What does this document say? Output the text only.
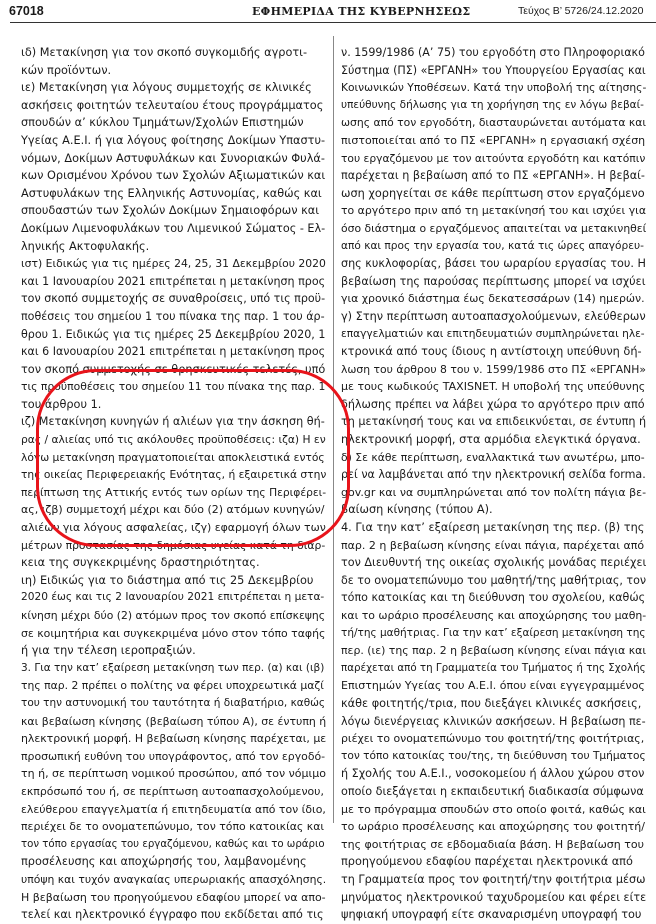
67018	ΕΦΗΜΕΡΙΔΑ ΤΗΣ ΚΥΒΕΡΝΗΣΕΩΣ	Τεύχος B’ 5726/24.12.2020
ιδ) Μετακίνηση για τον σκοπό συγκομιδής αγροτι-
κών προϊόντων.
ιε) Μετακίνηση για λόγους συμμετοχής σε κλινικές
ασκήσεις φοιτητών τελευταίου έτους προγράμματος
σπουδών α’ κύκλου Τμημάτων/Σχολών Επιστημών
Υγείας Α.Ε.Ι. ή για λόγους φοίτησης Δοκίμων Υπαστυ-
νόμων, Δοκίμων Αστυφυλάκων και Συνοριακών Φυλά-
κων Ορισμένου Χρόνου των Σχολών Αξιωματικών και
Αστυφυλάκων της Ελληνικής Αστυνομίας, καθώς και
σπουδαστών των Σχολών Δοκίμων Σημαιοφόρων και
Δοκίμων Λιμενοφυλάκων του Λιμενικού Σώματος - Ελ-
ληνικής Ακτοφυλακής.
ιστ) Ειδικώς για τις ημέρες 24, 25, 31 Δεκεμβρίου 2020
και 1 Ιανουαρίου 2021 επιτρέπεται η μετακίνηση προς
τον σκοπό συμμετοχής σε συναθροίσεις, υπό τις προϋ-
ποθέσεις του σημείου 1 του πίνακα της παρ. 1 του άρ-
θρου 1. Ειδικώς για τις ημέρες 25 Δεκεμβρίου 2020, 1
και 6 Ιανουαρίου 2021 επιτρέπεται η μετακίνηση προς
τον σκοπό συμμετοχής σε θρησκευτικές τελετές, υπό
τις προϋποθέσεις του σημείου 11 του πίνακα της παρ. 1
του άρθρου 1.
ιζ) Μετακίνηση κυνηγών ή αλιέων για την άσκηση θή-
ρας / αλιείας υπό τις ακόλουθες προϋποθέσεις: ιζα) Η εν
λόγω μετακίνηση πραγματοποιείται αποκλειστικά εντός
της οικείας Περιφερειακής Ενότητας, ή εξαιρετικά στην
περίπτωση της Αττικής εντός των ορίων της Περιφέρει-
ας, ιζβ) συμμετοχή μέχρι και δύο (2) ατόμων κυνηγών/
αλιέων για λόγους ασφαλείας, ιζγ) εφαρμογή όλων των
μέτρων προστασίας της δημόσιας υγείας κατά τη διάρ-
κεια της συγκεκριμένης δραστηριότητας.
ιη) Ειδικώς για το διάστημα από τις 25 Δεκεμβρίου
2020 έως και τις 2 Ιανουαρίου 2021 επιτρέπεται η μετα-
κίνηση μέχρι δύο (2) ατόμων προς τον σκοπό επίσκεψης
σε κοιμητήρια και συγκεκριμένα μόνο στον τόπο ταφής
ή για την τέλεση ιεροπραξιών.
3. Για την κατ’ εξαίρεση μετακίνηση των περ. (α) και (ιβ)
της παρ. 2 πρέπει ο πολίτης να φέρει υποχρεωτικά μαζί
του την αστυνομική του ταυτότητα ή διαβατήριο, καθώς
και βεβαίωση κίνησης (βεβαίωση τύπου Α), σε έντυπη ή
ηλεκτρονική μορφή. Η βεβαίωση κίνησης παρέχεται, με
προσωπική ευθύνη του υπογράφοντος, από τον εργοδό-
τη ή, σε περίπτωση νομικού προσώπου, από τον νόμιμο
εκπρόσωπό του ή, σε περίπτωση αυτοαπασχολούμενου,
ελεύθερου επαγγελματία ή επιτηδευματία από τον ίδιο,
περιέχει δε το ονοματεπώνυμο, τον τόπο κατοικίας και
τον τόπο εργασίας του εργαζόμενου, καθώς και το ωράριο
προσέλευσης και αποχώρησής του, λαμβανομένης
υπόψη και τυχόν αναγκαίας υπερωριακής απασχόλησης.
Η βεβαίωση του προηγούμενου εδαφίου μπορεί να απο-
τελεί και ηλεκτρονικό έγγραφο που εκδίδεται από τις
ν. 1599/1986 (Α’ 75) του εργοδότη στο Πληροφοριακό
Σύστημα (ΠΣ) «ΕΡΓΑΝΗ» του Υπουργείου Εργασίας και
Κοινωνικών Υποθέσεων. Κατά την υποβολή της αίτησης-
υπεύθυνης δήλωσης για τη χορήγηση της εν λόγω βεβαί-
ωσης από τον εργοδότη, διασταυρώνεται αυτόματα και
πιστοποιείται από το ΠΣ «ΕΡΓΑΝΗ» η εργασιακή σχέση
του εργαζόμενου με τον αιτούντα εργοδότη και κατόπιν
παρέχεται η βεβαίωση από το ΠΣ «ΕΡΓΑΝΗ». Η βεβαί-
ωση χορηγείται σε κάθε περίπτωση στον εργαζόμενο
το αργότερο πριν από τη μετακίνησή του και ισχύει για
όσο διάστημα ο εργαζόμενος απαιτείται να μετακινηθεί
από και προς την εργασία του, κατά τις ώρες απαγόρευ-
σης κυκλοφορίας, βάσει του ωραρίου εργασίας του. Η
βεβαίωση της παρούσας περίπτωσης μπορεί να ισχύει
για χρονικό διάστημα έως δεκατεσσάρων (14) ημερών.
γ) Στην περίπτωση αυτοαπασχολούμενων, ελεύθερων
επαγγελματιών και επιτηδευματιών συμπληρώνεται ηλε-
κτρονικά από τους ίδιους η αντίστοιχη υπεύθυνη δή-
λωση του άρθρου 8 του ν. 1599/1986 στο ΠΣ «ΕΡΓΑΝΗ»
με τους κωδικούς TAXISNET. Η υποβολή της υπεύθυνης
δήλωσης πρέπει να λάβει χώρα το αργότερο πριν από
τη μετακίνησή τους και να επιδεικνύεται, σε έντυπη ή
ηλεκτρονική μορφή, στα αρμόδια ελεγκτικά όργανα.
δ) Σε κάθε περίπτωση, εναλλακτικά των ανωτέρω, μπο-
ρεί να λαμβάνεται από την ηλεκτρονική σελίδα forma.
gov.gr και να συμπληρώνεται από τον πολίτη πάγια βε-
βαίωση κίνησης (τύπου Α).
4. Για την κατ’ εξαίρεση μετακίνηση της περ. (β) της
παρ. 2 η βεβαίωση κίνησης είναι πάγια, παρέχεται από
τον Διευθυντή της οικείας σχολικής μονάδας περιέχει
δε το ονοματεπώνυμο του μαθητή/της μαθήτριας, τον
τόπο κατοικίας και τη διεύθυνση του σχολείου, καθώς
και το ωράριο προσέλευσης και αποχώρησης του μαθη-
τή/της μαθήτριας. Για την κατ’ εξαίρεση μετακίνηση της
περ. (ιε) της παρ. 2 η βεβαίωση κίνησης είναι πάγια και
παρέχεται από τη Γραμματεία του Τμήματος ή της Σχολής
Επιστημών Υγείας του Α.Ε.Ι. όπου είναι εγγεγραμμένος
κάθε φοιτητής/τρια, που διεξάγει κλινικές ασκήσεις,
λόγω διενέργειας κλινικών ασκήσεων. Η βεβαίωση πε-
ριέχει το ονοματεπώνυμο του φοιτητή/της φοιτήτριας,
τον τόπο κατοικίας του/της, τη διεύθυνση του Τμήματος
ή Σχολής του Α.Ε.Ι., νοσοκομείου ή άλλου χώρου στον
οποίο διεξάγεται η εκπαιδευτική διαδικασία σύμφωνα
με το πρόγραμμα σπουδών στο οποίο φοιτά, καθώς και
το ωράριο προσέλευσης και αποχώρησης του φοιτητή/
της φοιτήτριας σε εβδομαδιαία βάση. Η βεβαίωση του
προηγούμενου εδαφίου παρέχεται ηλεκτρονικά από
τη Γραμματεία προς τον φοιτητή/την φοιτήτρια μέσω
μηνύματος ηλεκτρονικού ταχυδρομείου και φέρει είτε
ψηφιακή υπογραφή είτε σκαναρισμένη υπογραφή του
